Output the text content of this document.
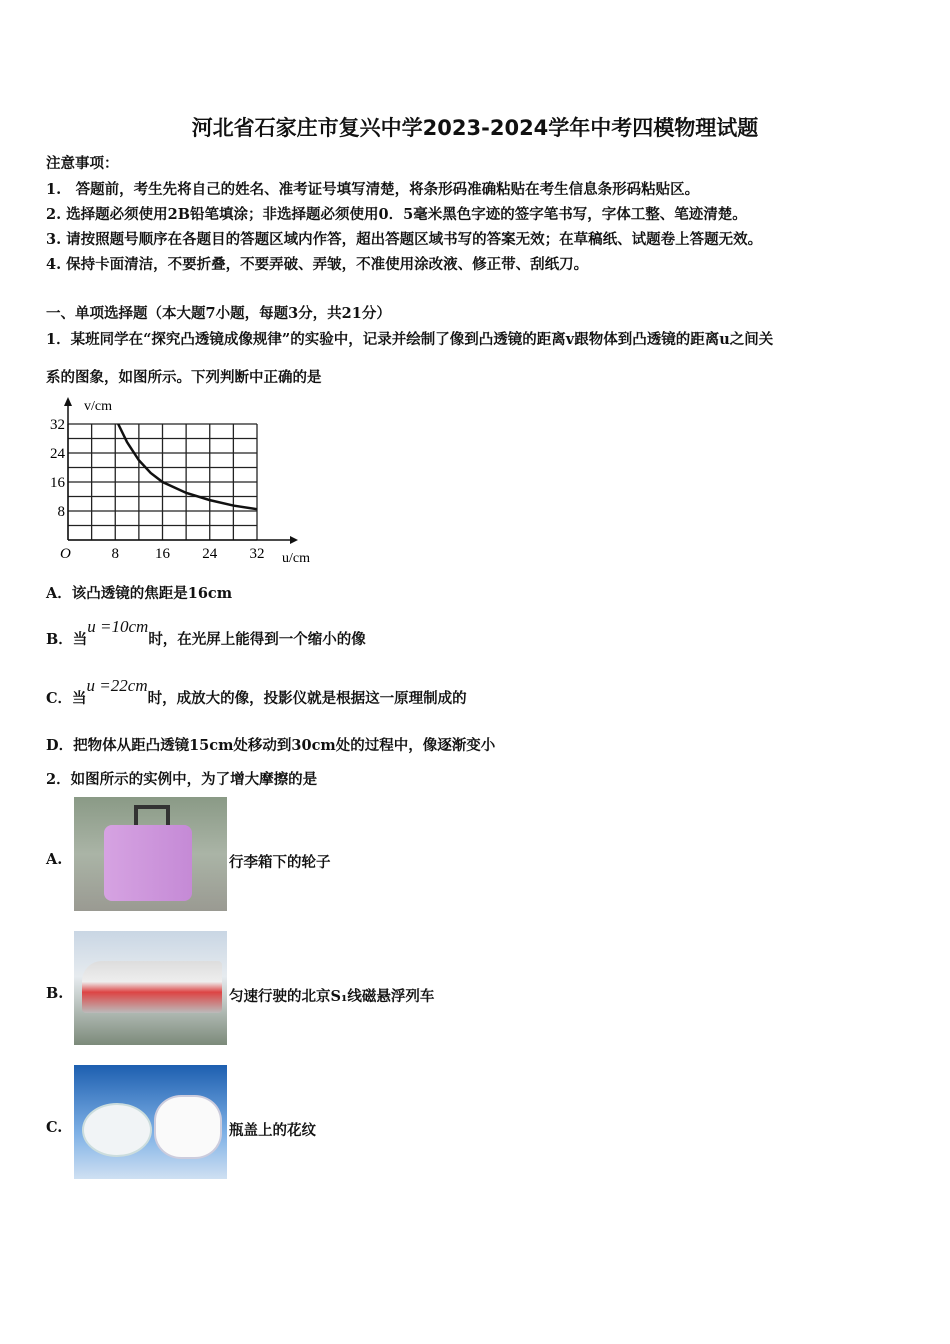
河北省石家庄市复兴中学2023-2024学年中考四模物理试题
注意事项：
1.　答题前，考生先将自己的姓名、准考证号填写清楚，将条形码准确粘贴在考生信息条形码粘贴区。
2. 选择题必须使用2B铅笔填涂；非选择题必须使用0．5毫米黑色字迹的签字笔书写，字体工整、笔迹清楚。
3. 请按照题号顺序在各题目的答题区域内作答，超出答题区域书写的答案无效；在草稿纸、试题卷上答题无效。
4. 保持卡面清洁，不要折叠，不要弄破、弄皱，不准使用涂改液、修正带、刮纸刀。
一、单项选择题（本大题7小题，每题3分，共21分）
1．某班同学在“探究凸透镜成像规律”的实验中，记录并绘制了像到凸透镜的距离v跟物体到凸透镜的距离u之间关
系的图象，如图所示。下列判断中正确的是
8 16 24 32
32
24
16
8
O	u/cm
v/cm
A．该凸透镜的焦距是16cm
B．当u =10cm时，在光屏上能得到一个缩小的像
C．当u =22cm时，成放大的像，投影仪就是根据这一原理制成的
D．把物体从距凸透镜15cm处移动到30cm处的过程中，像逐渐变小
2．如图所示的实例中，为了增大摩擦的是
A.	行李箱下的轮子
B.	匀速行驶的北京S₁线磁悬浮列车
C.	瓶盖上的花纹
